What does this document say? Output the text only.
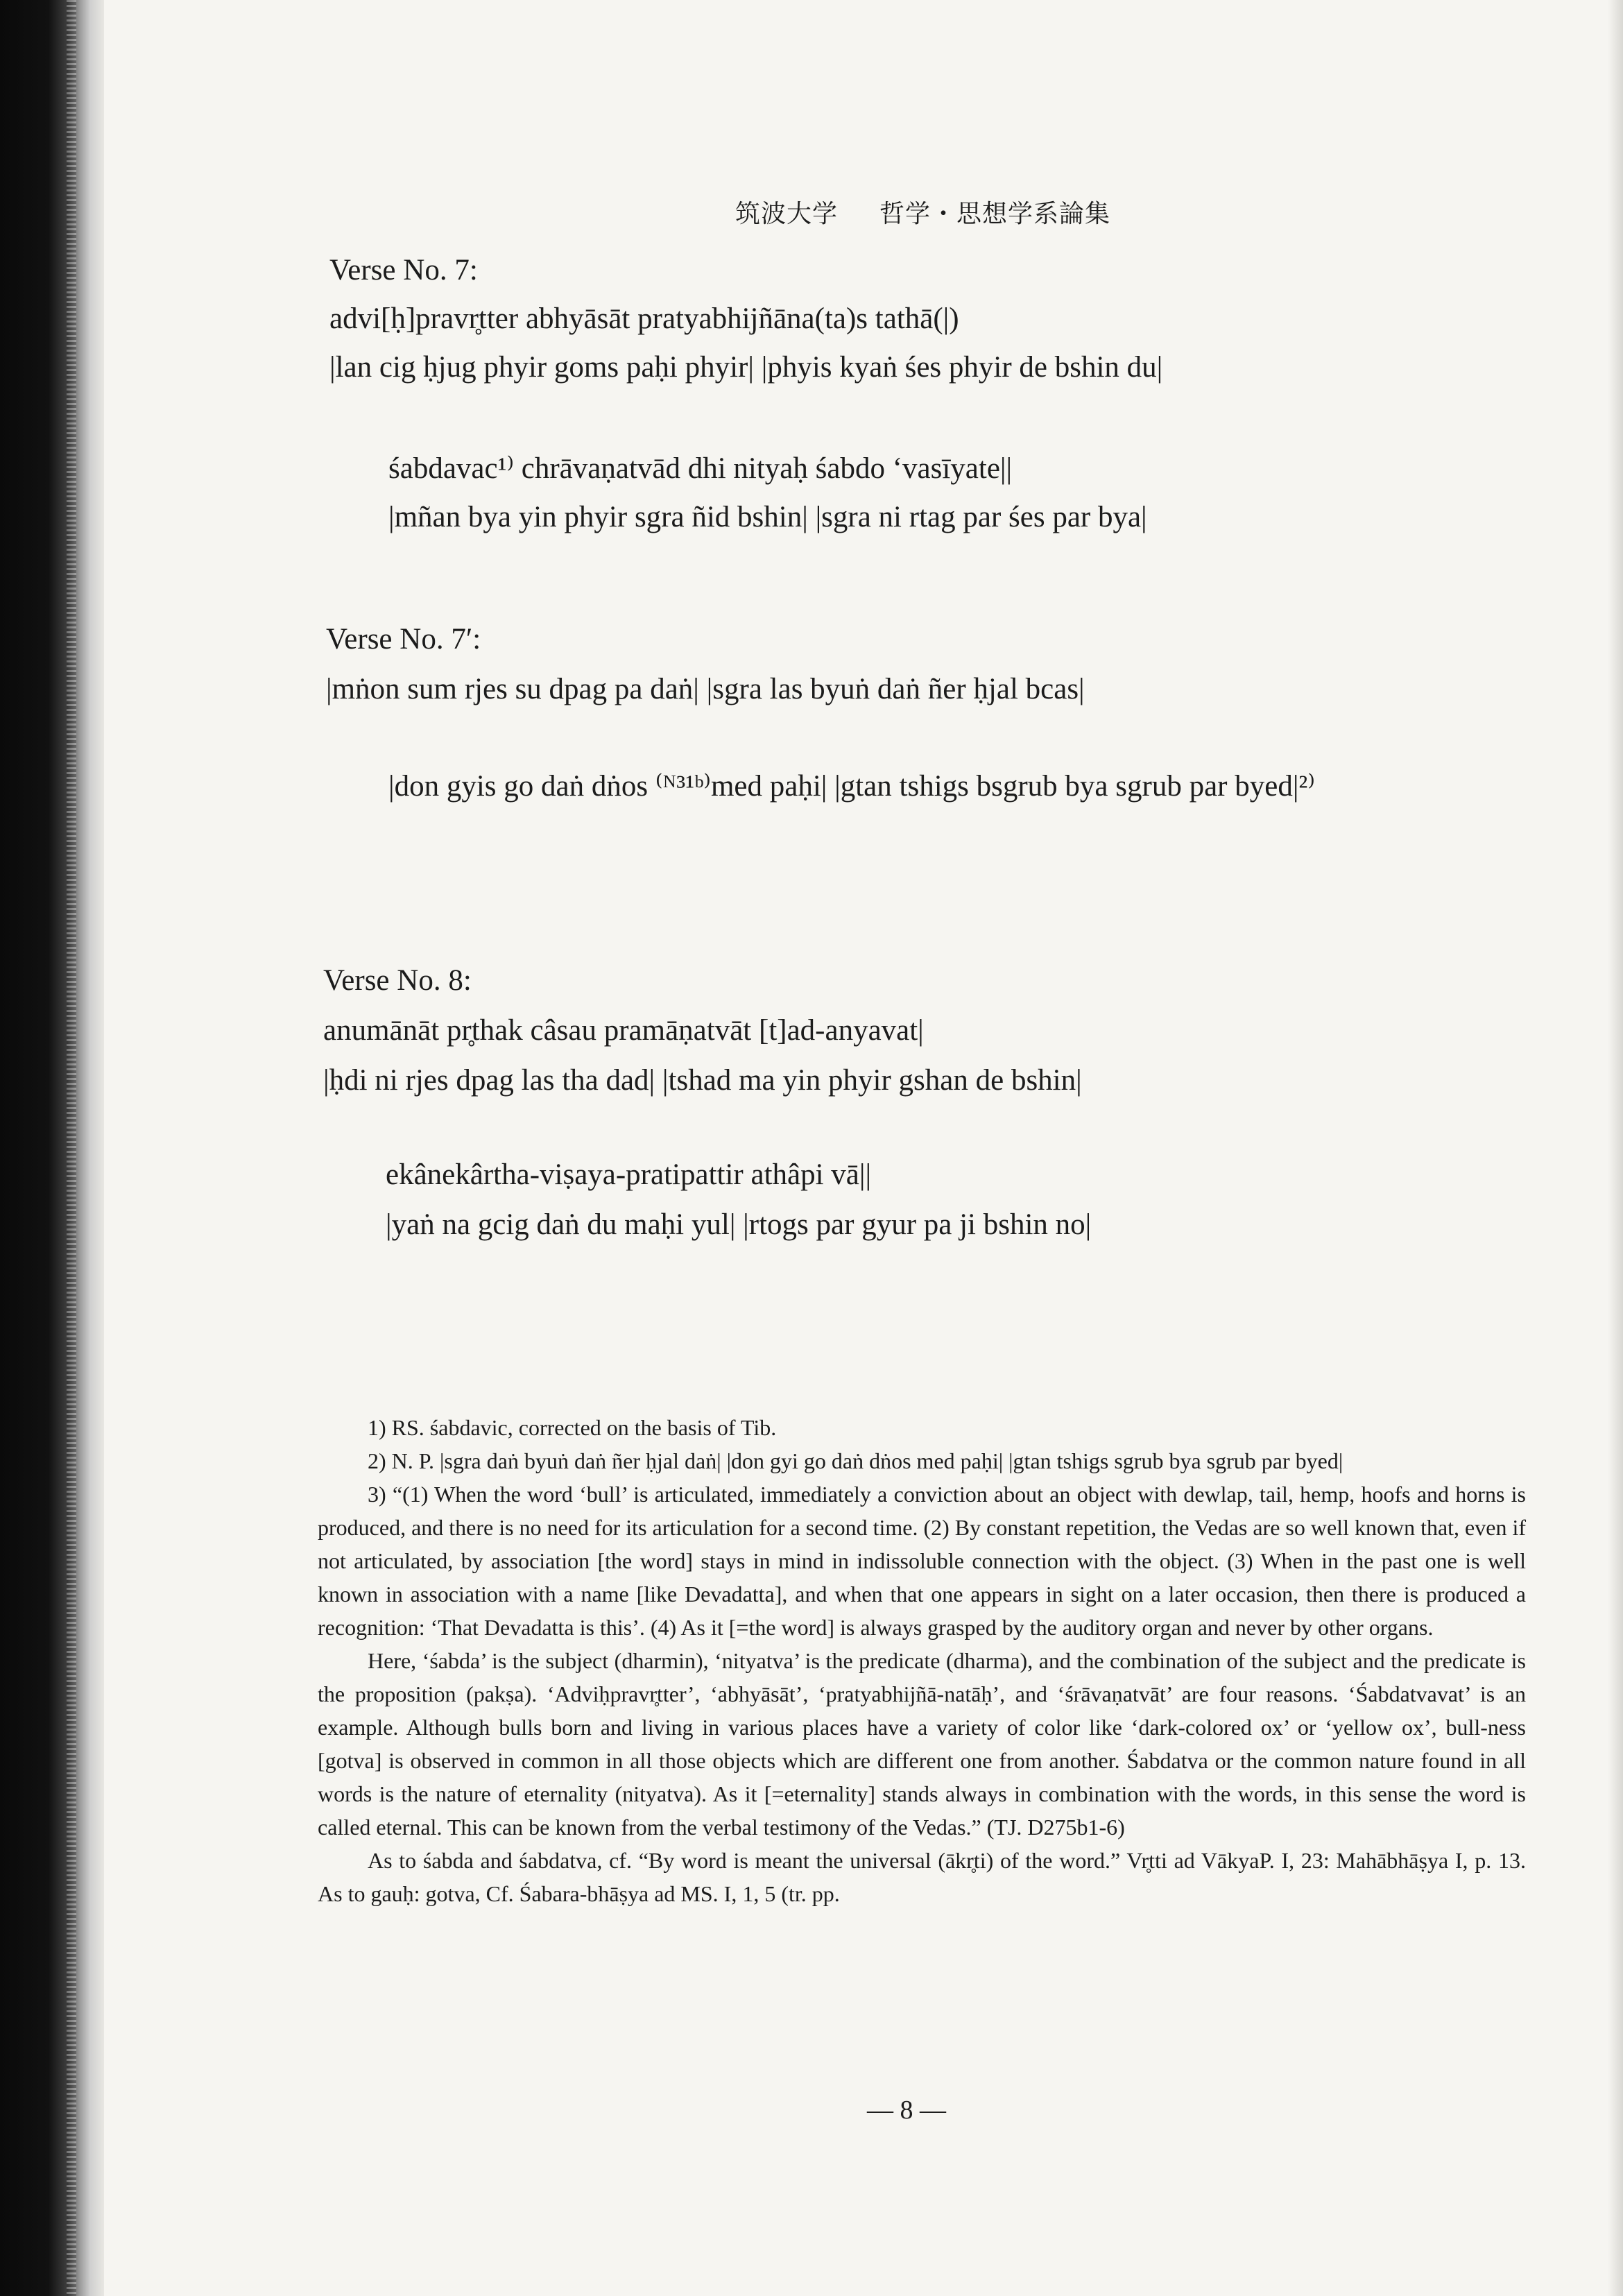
筑波大学 哲学・思想学系論集
Verse No. 7:
advi[ḥ]pravr̥tter abhyāsāt pratyabhijñāna(ta)s tathā(|)
|lan cig ḥjug phyir goms paḥi phyir| |phyis kyaṅ śes phyir de bshin du|
śabdavac¹⁾ chrāvaṇatvād dhi nityaḥ śabdo ‘vasīyate||
|mñan bya yin phyir sgra ñid bshin| |sgra ni rtag par śes par bya|
Verse No. 7′:
|mṅon sum rjes su dpag pa daṅ| |sgra las byuṅ daṅ ñer ḥjal bcas|
|don gyis go daṅ dṅos ⁽ᴺ³¹ᵇ⁾med paḥi| |gtan tshigs bsgrub bya sgrub par byed|²⁾
Verse No. 8:
anumānāt pr̥thak câsau pramāṇatvāt [t]ad-anyavat|
|ḥdi ni rjes dpag las tha dad| |tshad ma yin phyir gshan de bshin|
ekânekârtha-viṣaya-pratipattir athâpi vā||
|yaṅ na gcig daṅ du maḥi yul| |rtogs par gyur pa ji bshin no|

1) RS. śabdavic, corrected on the basis of Tib.

2) N. P. |sgra daṅ byuṅ daṅ ñer ḥjal daṅ| |don gyi go daṅ dṅos med paḥi| |gtan tshigs sgrub bya sgrub par byed|

3) “(1) When the word ‘bull’ is articulated, immediately a conviction about an object with dewlap, tail, hemp, hoofs and horns is produced, and there is no need for its articulation for a second time. (2) By constant repetition, the Vedas are so well known that, even if not articulated, by association [the word] stays in mind in indissoluble connection with the object. (3) When in the past one is well known in association with a name [like Devadatta], and when that one appears in sight on a later occasion, then there is produced a recognition: ‘That Devadatta is this’. (4) As it [=the word] is always grasped by the auditory organ and never by other organs.

Here, ‘śabda’ is the subject (dharmin), ‘nityatva’ is the predicate (dharma), and the combination of the subject and the predicate is the proposition (pakṣa). ‘Adviḥpravr̥tter’, ‘abhyāsāt’, ‘pratyabhijñā-natāḥ’, and ‘śrāvaṇatvāt’ are four reasons. ‘Śabdatvavat’ is an example. Although bulls born and living in various places have a variety of color like ‘dark-colored ox’ or ‘yellow ox’, bull-ness [gotva] is observed in common in all those objects which are different one from another. Śabdatva or the common nature found in all words is the nature of eternality (nityatva). As it [=eternality] stands always in combination with the words, in this sense the word is called eternal. This can be known from the verbal testimony of the Vedas.” (TJ. D275b1-6)

As to śabda and śabdatva, cf. “By word is meant the universal (ākr̥ti) of the word.” Vr̥tti ad VākyaP. I, 23: Mahābhāṣya I, p. 13. As to gauḥ: gotva, Cf. Śabara-bhāṣya ad MS. I, 1, 5 (tr. pp.

— 8 —
